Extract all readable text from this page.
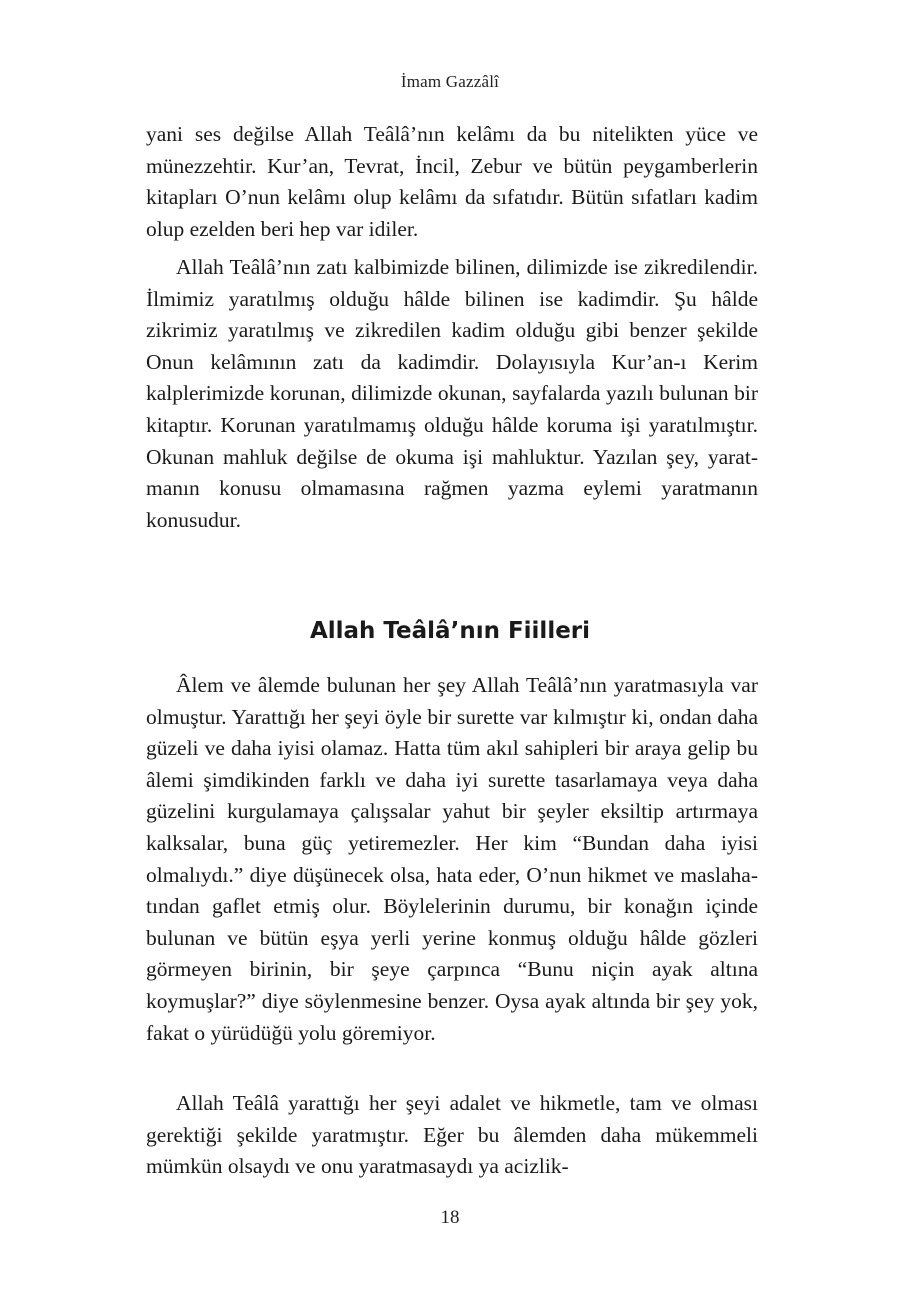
İmam Gazzâlî

yani ses değilse Allah Teâlâ’nın kelâmı da bu nitelikten yüce ve münezzehtir. Kur’an, Tevrat, İncil, Zebur ve bütün peygamberlerin kitapları O’nun kelâmı olup kelâmı da sıfatıdır. Bütün sıfatları kadim olup ezelden beri hep var idiler.

Allah Teâlâ’nın zatı kalbimizde bilinen, dilimizde ise zikredilendir. İlmimiz yaratılmış olduğu hâlde bilinen ise kadimdir. Şu hâlde zikrimiz yaratılmış ve zikredilen kadim olduğu gibi benzer şekilde Onun kelâmının zatı da kadimdir. Dolayısıyla Kur’an-ı Kerim kalplerimizde korunan, dilimizde okunan, sayfalarda yazılı bulunan bir kitaptır. Korunan yaratılmamış olduğu hâlde koruma işi yaratılmıştır. Okunan mahluk değilse de okuma işi mahluktur. Yazılan şey, yaratmanın konusu olmamasına rağmen yazma eylemi yaratmanın konusudur.

Allah Teâlâ’nın Fiilleri

Âlem ve âlemde bulunan her şey Allah Teâlâ’nın yaratmasıyla var olmuştur. Yarattığı her şeyi öyle bir surette var kılmıştır ki, ondan daha güzeli ve daha iyisi olamaz. Hatta tüm akıl sahipleri bir araya gelip bu âlemi şimdikinden farklı ve daha iyi surette tasarlamaya veya daha güzelini kurgulamaya çalışsalar yahut bir şeyler eksiltip artırmaya kalksalar, buna güç yetiremezler. Her kim “Bundan daha iyisi olmalıydı.” diye düşünecek olsa, hata eder, O’nun hikmet ve maslahatından gaflet etmiş olur. Böylelerinin durumu, bir konağın içinde bulunan ve bütün eşya yerli yerine konmuş olduğu hâlde gözleri görmeyen birinin, bir şeye çarpınca “Bunu niçin ayak altına koymuşlar?” diye söylenmesine benzer. Oysa ayak altında bir şey yok, fakat o yürüdüğü yolu göremiyor.

Allah Teâlâ yarattığı her şeyi adalet ve hikmetle, tam ve olması gerektiği şekilde yaratmıştır. Eğer bu âlemden daha mükemmeli mümkün olsaydı ve onu yaratmasaydı ya acizlik-

18
